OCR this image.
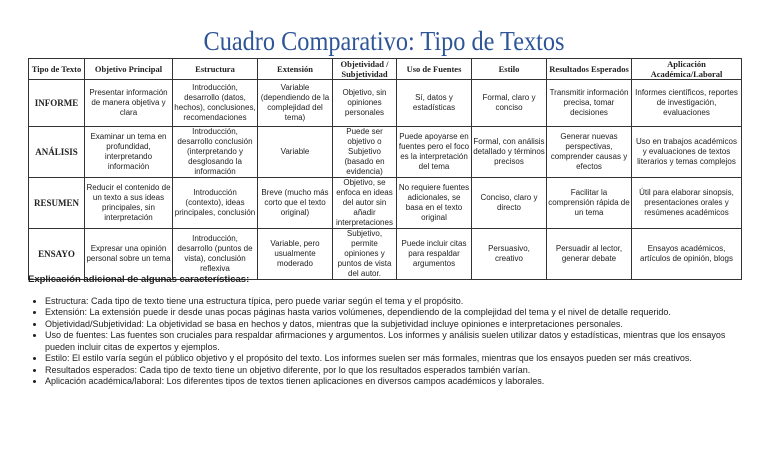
Cuadro Comparativo: Tipo de Textos
Tipo de Texto	Objetivo Principal	Estructura	Extensión	Objetividad / Subjetividad	Uso de Fuentes	Estilo	Resultados Esperados	Aplicación Académica/Laboral
INFORME	Presentar información de manera objetiva y clara	Introducción, desarrollo (datos, hechos), conclusiones, recomendaciones	Variable (dependiendo de la complejidad del tema)	Objetivo, sin opiniones personales	Sí, datos y estadísticas	Formal, claro y conciso	Transmitir información precisa, tomar decisiones	Informes científicos, reportes de investigación, evaluaciones
ANÁLISIS	Examinar un tema en profundidad, interpretando información	Introducción, desarrollo conclusión (interpretando y desglosando la información	Variable	Puede ser objetivo o Subjetivo (basado en evidencia)	Puede apoyarse en fuentes pero el foco es la interpretación del tema	Formal, con análisis detallado y términos precisos	Generar nuevas perspectivas, comprender causas y efectos	Uso en trabajos académicos y evaluaciones de textos literarios y temas complejos
RESUMEN	Reducir el contenido de un texto a sus ideas principales, sin interpretación	Introducción (contexto), ideas principales, conclusión	Breve (mucho más corto que el texto original)	Objetivo, se enfoca en ideas del autor sin añadir interpretaciones	No requiere fuentes adicionales, se basa en el texto original	Conciso, claro y directo	Facilitar la comprensión rápida de un tema	Útil para elaborar sinopsis, presentaciones orales y resúmenes académicos
ENSAYO	Expresar una opinión personal sobre un tema	Introducción, desarrollo (puntos de vista), conclusión reflexiva	Variable, pero usualmente moderado	Subjetivo, permite opiniones y puntos de vista del autor.	Puede incluir citas para respaldar argumentos	Persuasivo, creativo	Persuadir al lector, generar debate	Ensayos académicos, artículos de opinión, blogs
Explicación adicional de algunas características:
• Estructura: Cada tipo de texto tiene una estructura típica, pero puede variar según el tema y el propósito.
• Extensión: La extensión puede ir desde unas pocas páginas hasta varios volúmenes, dependiendo de la complejidad del tema y el nivel de detalle requerido.
• Objetividad/Subjetividad: La objetividad se basa en hechos y datos, mientras que la subjetividad incluye opiniones e interpretaciones personales.
• Uso de fuentes: Las fuentes son cruciales para respaldar afirmaciones y argumentos. Los informes y análisis suelen utilizar datos y estadísticas, mientras que los ensayos pueden incluir citas de expertos y ejemplos.
• Estilo: El estilo varía según el público objetivo y el propósito del texto. Los informes suelen ser más formales, mientras que los ensayos pueden ser más creativos.
• Resultados esperados: Cada tipo de texto tiene un objetivo diferente, por lo que los resultados esperados también varían.
• Aplicación académica/laboral: Los diferentes tipos de textos tienen aplicaciones en diversos campos académicos y laborales.
